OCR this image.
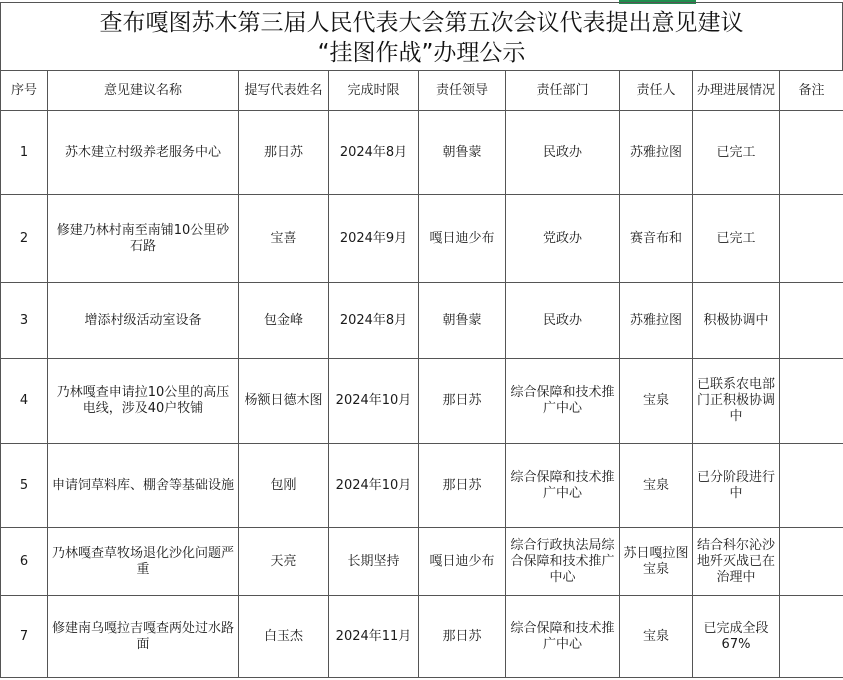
查布嘎图苏木第三届人民代表大会第五次会议代表提出意见建议
“挂图作战”办理公示
序号	意见建议名称	提写代表姓名	完成时限	责任领导	责任部门	责任人	办理进展情况	备注
1	苏木建立村级养老服务中心	那日苏	2024年8月	朝鲁蒙	民政办	苏雅拉图	已完工	
2	修建乃林村南至南铺10公里砂石路	宝喜	2024年9月	嘎日迪少布	党政办	赛音布和	已完工	
3	增添村级活动室设备	包金峰	2024年8月	朝鲁蒙	民政办	苏雅拉图	积极协调中	
4	乃林嘎查申请拉10公里的高压电线，涉及40户牧铺	杨额日德木图	2024年10月	那日苏	综合保障和技术推广中心	宝泉	已联系农电部门正积极协调中	
5	申请饲草料库、棚舍等基础设施	包刚	2024年10月	那日苏	综合保障和技术推广中心	宝泉	已分阶段进行中	
6	乃林嘎查草牧场退化沙化问题严重	天亮	长期坚持	嘎日迪少布	综合行政执法局综合保障和技术推广中心	苏日嘎拉图宝泉	结合科尔沁沙地歼灭战已在治理中	
7	修建南乌嘎拉吉嘎查两处过水路面	白玉杰	2024年11月	那日苏	综合保障和技术推广中心	宝泉	已完成全段67%	
